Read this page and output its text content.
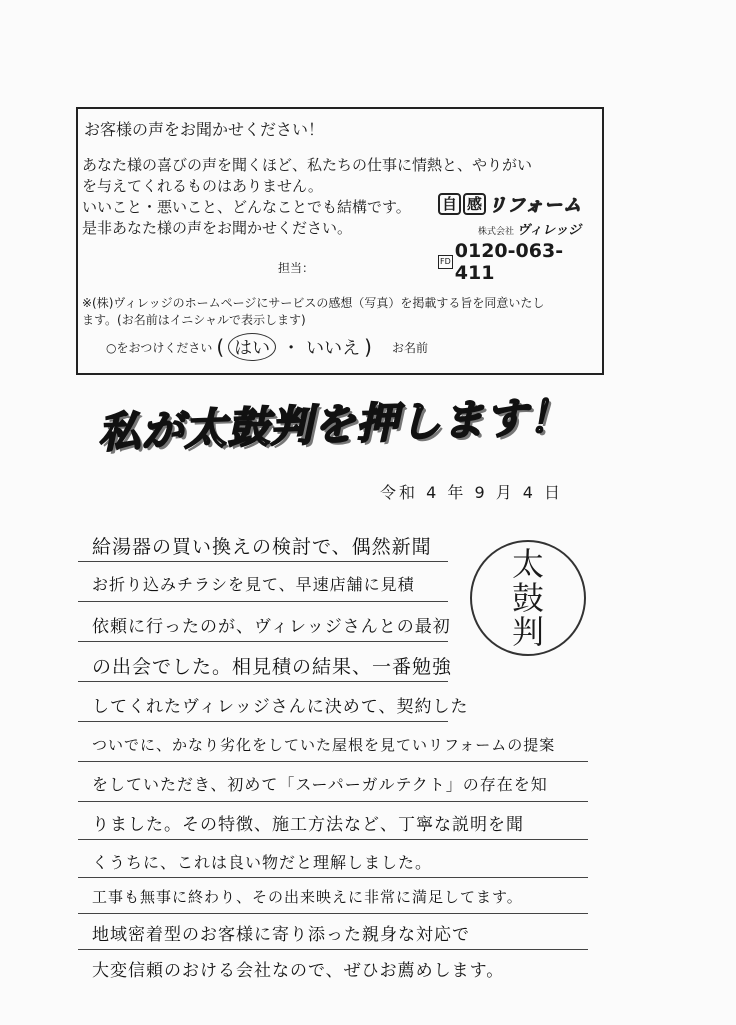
お客様の声をお聞かせください！
あなた様の喜びの声を聞くほど、私たちの仕事に情熱と、やりがい
を与えてくれるものはありません。
いいこと・悪いこと、どんなことでも結構です。
是非あなた様の声をお聞かせください。
担当：
※(株)ヴィレッジのホームページにサービスの感想（写真）を掲載する旨を同意いたし
ます。(お名前はイニシャルで表示します)
○をおつけください ( はい ・ いいえ ) お名前
自 感 リフォーム
株式会社 ヴィレッジ
FD 0120-063-411
私が太鼓判を押します！
令和 4 年 9 月 4 日
太
鼓
判
給湯器の買い換えの検討で、偶然新聞
お折り込みチラシを見て、早速店舗に見積
依頼に行ったのが、ヴィレッジさんとの最初
の出会でした。相見積の結果、一番勉強
してくれたヴィレッジさんに決めて、契約した
ついでに、かなり劣化をしていた屋根を見ていリフォームの提案
をしていただき、初めて「スーパーガルテクト」の存在を知
りました。その特徴、施工方法など、丁寧な説明を聞
くうちに、これは良い物だと理解しました。
工事も無事に終わり、その出来映えに非常に満足してます。
地域密着型のお客様に寄り添った親身な対応で
大変信頼のおける会社なので、ぜひお薦めします。
